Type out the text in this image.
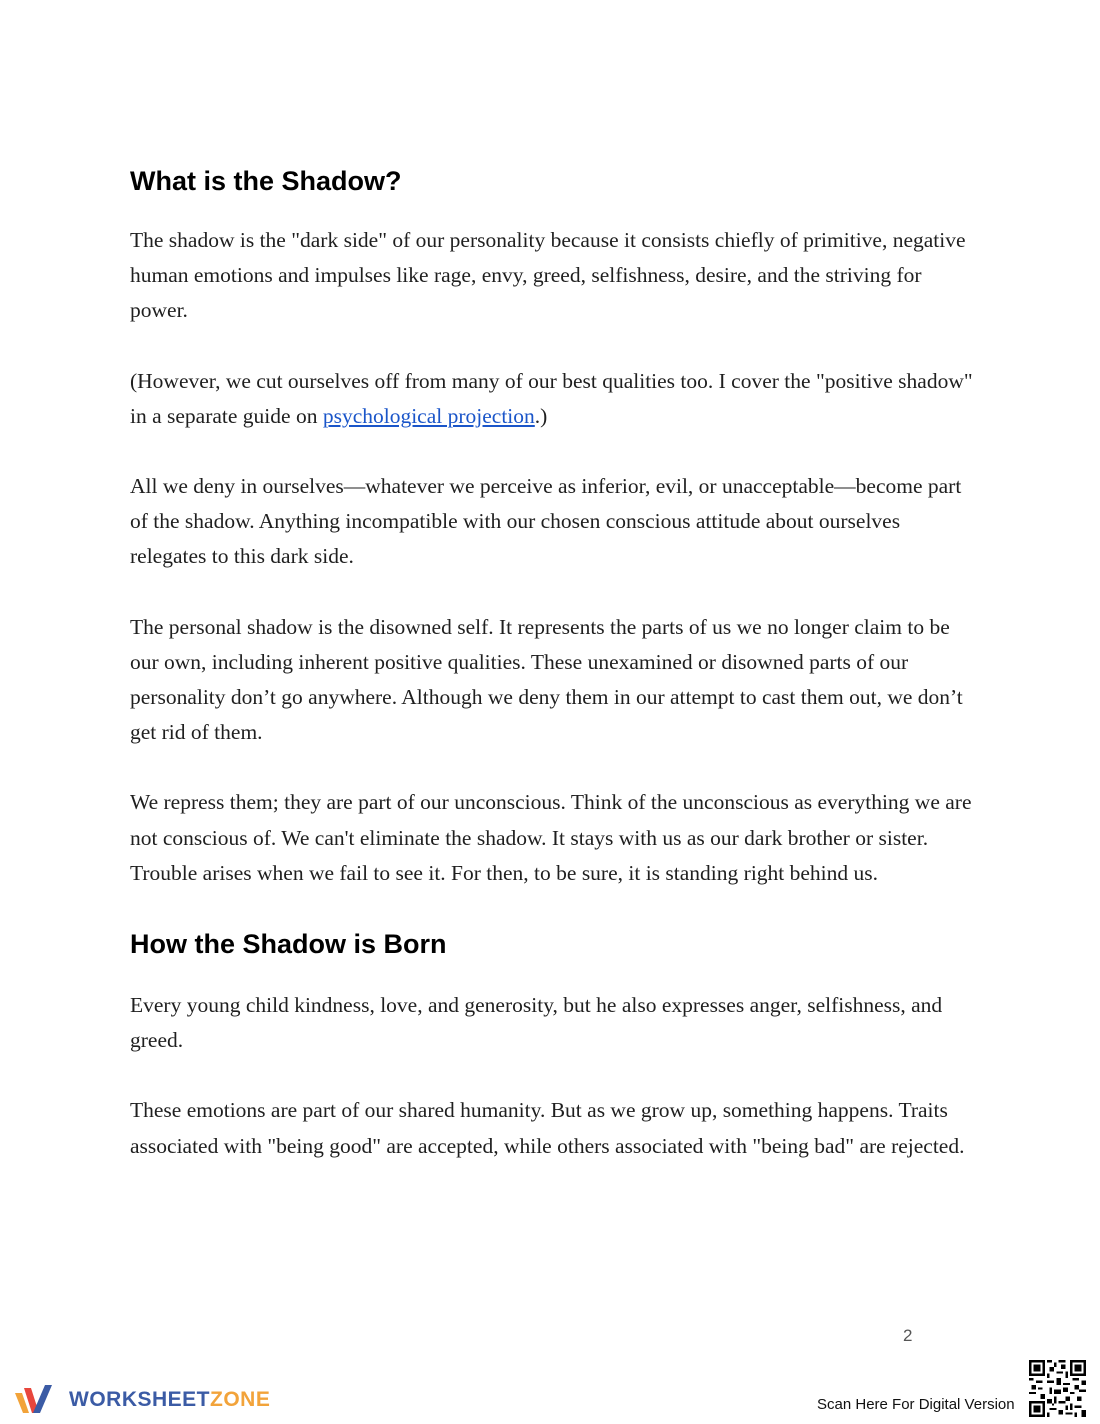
What is the Shadow?

The shadow is the "dark side" of our personality because it consists chiefly of primitive, negative human emotions and impulses like rage, envy, greed, selfishness, desire, and the striving for power.

(However, we cut ourselves off from many of our best qualities too. I cover the "positive shadow" in a separate guide on psychological projection.)

All we deny in ourselves—whatever we perceive as inferior, evil, or unacceptable—become part of the shadow. Anything incompatible with our chosen conscious attitude about ourselves relegates to this dark side.

The personal shadow is the disowned self. It represents the parts of us we no longer claim to be our own, including inherent positive qualities. These unexamined or disowned parts of our personality don’t go anywhere. Although we deny them in our attempt to cast them out, we don’t get rid of them.

We repress them; they are part of our unconscious. Think of the unconscious as everything we are not conscious of. We can't eliminate the shadow. It stays with us as our dark brother or sister. Trouble arises when we fail to see it. For then, to be sure, it is standing right behind us.

How the Shadow is Born

Every young child kindness, love, and generosity, but he also expresses anger, selfishness, and greed.

These emotions are part of our shared humanity. But as we grow up, something happens. Traits associated with "being good" are accepted, while others associated with "being bad" are rejected.

2
WORKSHEETZONE	Scan Here For Digital Version
